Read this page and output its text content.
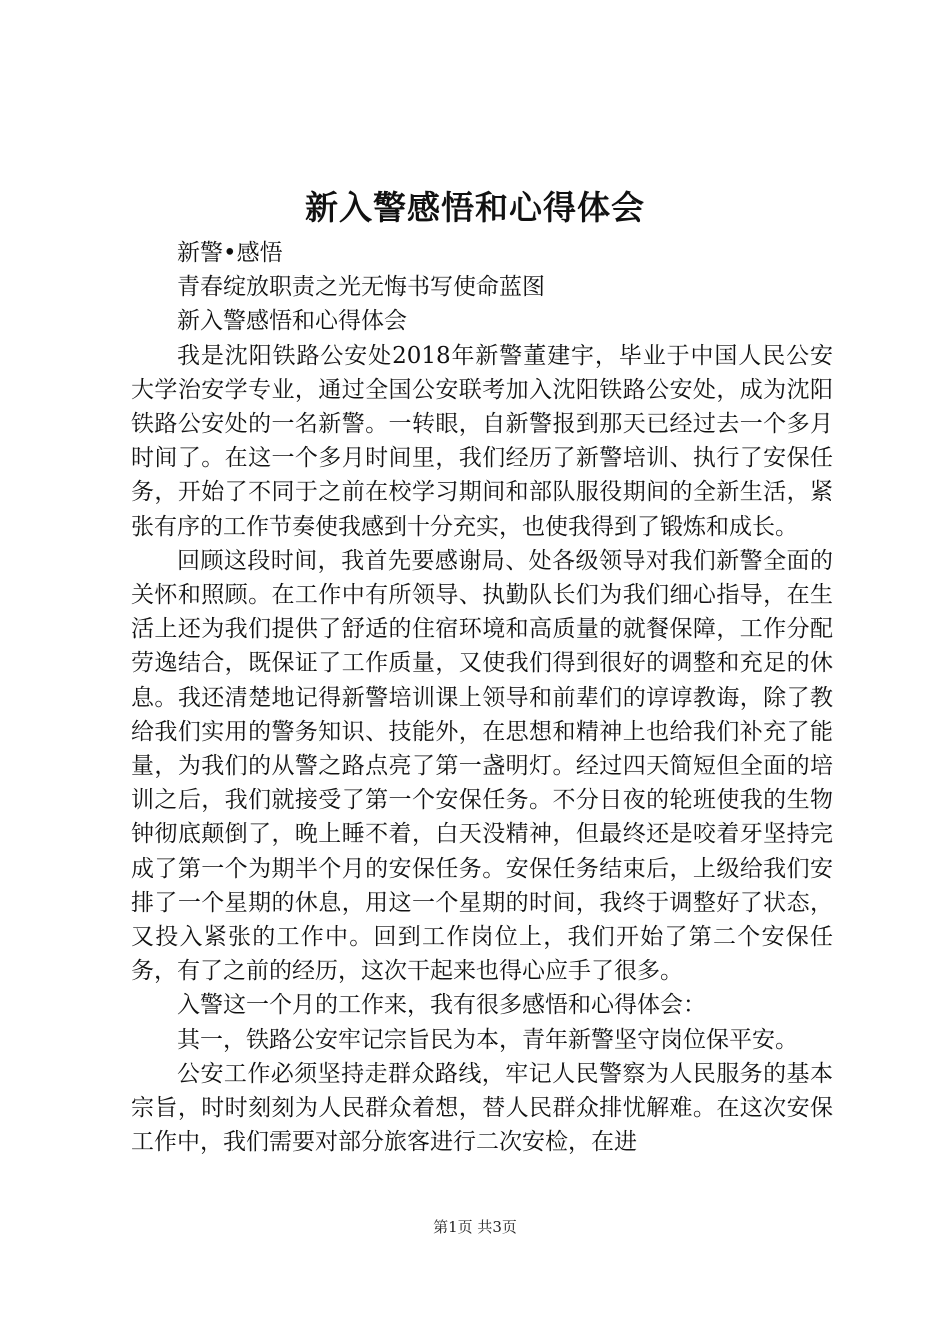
新入警感悟和心得体会

新警•感悟

青春绽放职责之光无悔书写使命蓝图

新入警感悟和心得体会

我是沈阳铁路公安处2018年新警董建宇，毕业于中国人民公安大学治安学专业，通过全国公安联考加入沈阳铁路公安处，成为沈阳铁路公安处的一名新警。一转眼，自新警报到那天已经过去一个多月时间了。在这一个多月时间里，我们经历了新警培训、执行了安保任务，开始了不同于之前在校学习期间和部队服役期间的全新生活，紧张有序的工作节奏使我感到十分充实，也使我得到了锻炼和成长。

回顾这段时间，我首先要感谢局、处各级领导对我们新警全面的关怀和照顾。在工作中有所领导、执勤队长们为我们细心指导，在生活上还为我们提供了舒适的住宿环境和高质量的就餐保障，工作分配劳逸结合，既保证了工作质量，又使我们得到很好的调整和充足的休息。我还清楚地记得新警培训课上领导和前辈们的谆谆教诲，除了教给我们实用的警务知识、技能外，在思想和精神上也给我们补充了能量，为我们的从警之路点亮了第一盏明灯。经过四天简短但全面的培训之后，我们就接受了第一个安保任务。不分日夜的轮班使我的生物钟彻底颠倒了，晚上睡不着，白天没精神，但最终还是咬着牙坚持完成了第一个为期半个月的安保任务。安保任务结束后，上级给我们安排了一个星期的休息，用这一个星期的时间，我终于调整好了状态，又投入紧张的工作中。回到工作岗位上，我们开始了第二个安保任务，有了之前的经历，这次干起来也得心应手了很多。

入警这一个月的工作来，我有很多感悟和心得体会：

其一，铁路公安牢记宗旨民为本，青年新警坚守岗位保平安。

公安工作必须坚持走群众路线，牢记人民警察为人民服务的基本宗旨，时时刻刻为人民群众着想，替人民群众排忧解难。在这次安保工作中，我们需要对部分旅客进行二次安检，在进

第1页 共3页
